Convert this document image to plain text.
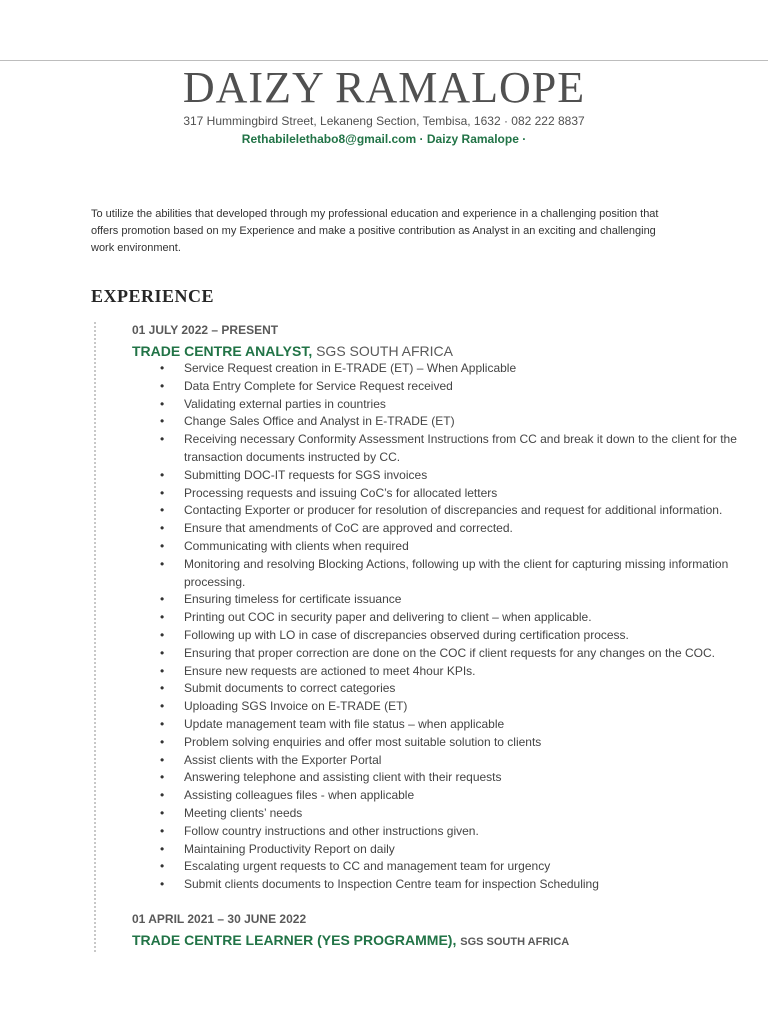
DAIZY RAMALOPE
317 Hummingbird Street, Lekaneng Section, Tembisa, 1632 · 082 222 8837
Rethabilelethabo8@gmail.com · Daizy Ramalope ·
To utilize the abilities that developed through my professional education and experience in a challenging position that offers promotion based on my Experience and make a positive contribution as Analyst in an exciting and challenging work environment.
EXPERIENCE
01 JULY 2022 – PRESENT
TRADE CENTRE ANALYST, SGS SOUTH AFRICA
• Service Request creation in E-TRADE (ET) – When Applicable
• Data Entry Complete for Service Request received
• Validating external parties in countries
• Change Sales Office and Analyst in E-TRADE (ET)
• Receiving necessary Conformity Assessment Instructions from CC and break it down to the client for the transaction documents instructed by CC.
• Submitting DOC-IT requests for SGS invoices
• Processing requests and issuing CoC’s for allocated letters
• Contacting Exporter or producer for resolution of discrepancies and request for additional information.
• Ensure that amendments of CoC are approved and corrected.
• Communicating with clients when required
• Monitoring and resolving Blocking Actions, following up with the client for capturing missing information processing.
• Ensuring timeless for certificate issuance
• Printing out COC in security paper and delivering to client – when applicable.
• Following up with LO in case of discrepancies observed during certification process.
• Ensuring that proper correction are done on the COC if client requests for any changes on the COC.
• Ensure new requests are actioned to meet 4hour KPIs.
• Submit documents to correct categories
• Uploading SGS Invoice on E-TRADE (ET)
• Update management team with file status – when applicable
• Problem solving enquiries and offer most suitable solution to clients
• Assist clients with the Exporter Portal
• Answering telephone and assisting client with their requests
• Assisting colleagues files - when applicable
• Meeting clients’ needs
• Follow country instructions and other instructions given.
• Maintaining Productivity Report on daily
• Escalating urgent requests to CC and management team for urgency
• Submit clients documents to Inspection Centre team for inspection Scheduling
01 APRIL 2021 – 30 JUNE 2022
TRADE CENTRE LEARNER (YES PROGRAMME), SGS SOUTH AFRICA
